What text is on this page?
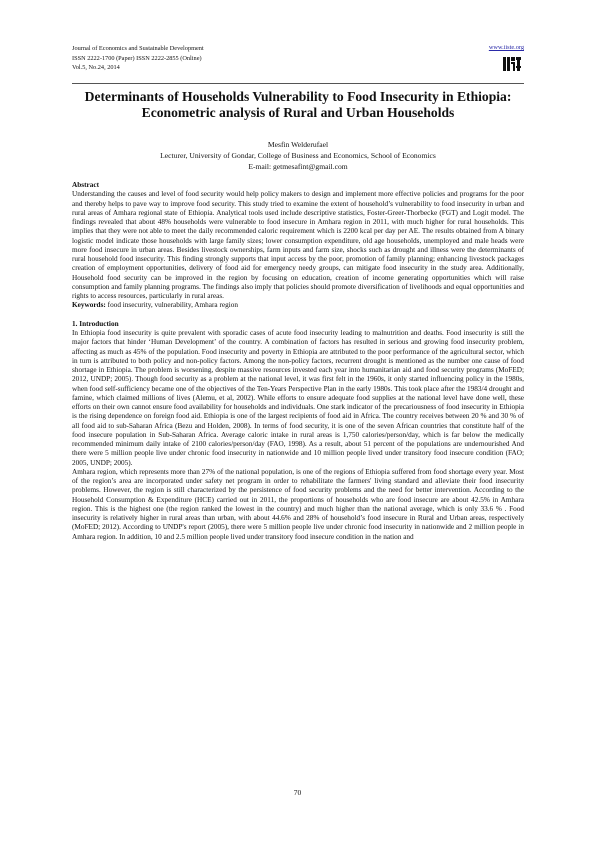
Journal of Economics and Sustainable Development
ISSN 2222-1700 (Paper) ISSN 2222-2855 (Online)
Vol.5, No.24, 2014
www.iiste.org
Determinants of Households Vulnerability to Food Insecurity in Ethiopia: Econometric analysis of Rural and Urban Households
Mesfin Welderufael
Lecturer, University of Gondar, College of Business and Economics, School of Economics
E-mail: getmesafint@gmail.com

Abstract

Understanding the causes and level of food security would help policy makers to design and implement more effective policies and programs for the poor and thereby helps to pave way to improve food security. This study tried to examine the extent of household’s vulnerability to food insecurity in urban and rural areas of Amhara regional state of Ethiopia. Analytical tools used include descriptive statistics, Foster-Greer-Thorbecke (FGT) and Logit model. The findings revealed that about 48% households were vulnerable to food insecure in Amhara region in 2011, with much higher for rural households. This implies that they were not able to meet the daily recommended caloric requirement which is 2200 kcal per day per AE. The results obtained from A binary logistic model indicate those households with large family sizes; lower consumption expenditure, old age households, unemployed and male heads were more food insecure in urban areas. Besides livestock ownerships, farm inputs and farm size, shocks such as drought and illness were the determinants of rural household food insecurity. This finding strongly supports that input access by the poor, promotion of family planning; enhancing livestock packages creation of employment opportunities, delivery of food aid for emergency needy groups, can mitigate food insecurity in the study area. Additionally, Household food security can be improved in the region by focusing on education, creation of income generating opportunities which will raise consumption and family planning programs. The findings also imply that policies should promote diversification of livelihoods and equal opportunities and rights to access resources, particularly in rural areas.

Keywords: food insecurity, vulnerability, Amhara region

1. Introduction

In Ethiopia food insecurity is quite prevalent with sporadic cases of acute food insecurity leading to malnutrition and deaths. Food insecurity is still the major factors that hinder ‘Human Development’ of the country. A combination of factors has resulted in serious and growing food insecurity problem, affecting as much as 45% of the population. Food insecurity and poverty in Ethiopia are attributed to the poor performance of the agricultural sector, which in turn is attributed to both policy and non-policy factors. Among the non-policy factors, recurrent drought is mentioned as the number one cause of food shortage in Ethiopia. The problem is worsening, despite massive resources invested each year into humanitarian aid and food security programs (MoFED; 2012, UNDP; 2005). Though food security as a problem at the national level, it was first felt in the 1960s, it only started influencing policy in the 1980s, when food self-sufficiency became one of the objectives of the Ten-Years Perspective Plan in the early 1980s. This took place after the 1983/4 drought and famine, which claimed millions of lives (Alemu, et al, 2002). While efforts to ensure adequate food supplies at the national level have done well, these efforts on their own cannot ensure food availability for households and individuals. One stark indicator of the precariousness of food insecurity in Ethiopia is the rising dependence on foreign food aid. Ethiopia is one of the largest recipients of food aid in Africa. The country receives between 20 % and 30 % of all food aid to sub-Saharan Africa (Bezu and Holden, 2008). In terms of food security, it is one of the seven African countries that constitute half of the food insecure population in Sub-Saharan Africa. Average caloric intake in rural areas is 1,750 calories/person/day, which is far below the medically recommended minimum daily intake of 2100 calories/person/day (FAO, 1998). As a result, about 51 percent of the populations are undernourished And there were 5 million people live under chronic food insecurity in nationwide and 10 million people lived under transitory food insecure condition (FAO; 2005, UNDP; 2005).

Amhara region, which represents more than 27% of the national population, is one of the regions of Ethiopia suffered from food shortage every year. Most of the region’s area are incorporated under safety net program in order to rehabilitate the farmers' living standard and alleviate their food insecurity problems. However, the region is still characterized by the persistence of food security problems and the need for better intervention. According to the Household Consumption & Expenditure (HCE) carried out in 2011, the proportions of households who are food insecure are about 42.5% in Amhara region. This is the highest one (the region ranked the lowest in the country) and much higher than the national average, which is only 33.6 % . Food insecurity is relatively higher in rural areas than urban, with about 44.6% and 28% of household’s food insecure in Rural and Urban areas, respectively (MoFED; 2012). According to UNDP's report (2005), there were 5 million people live under chronic food insecurity in nationwide and 2 million people in Amhara region. In addition, 10 and 2.5 million people lived under transitory food insecure condition in the nation and

70
